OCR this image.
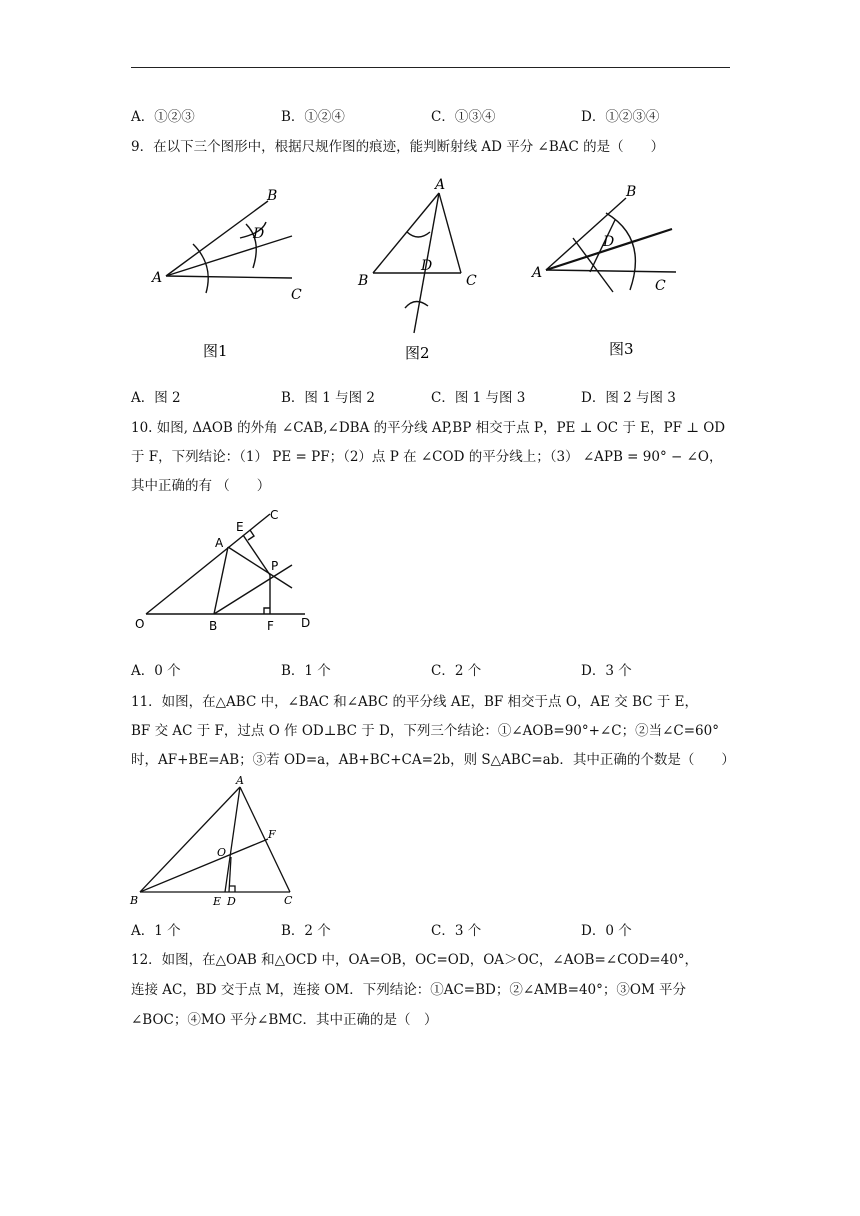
A．①②③	B．①②④	C．①③④	D．①②③④
9．在以下三个图形中，根据尺规作图的痕迹，能判断射线 AD 平分 ∠BAC 的是（　　）
A
B
C
D
图1
A
B	C
D
图2
A
B
C
D
图3
A．图 2	B．图 1 与图 2	C．图 1 与图 3	D．图 2 与图 3
10. 如图, ΔAOB 的外角 ∠CAB,∠DBA 的平分线 AP,BP 相交于点 P，PE ⊥ OC 于 E，PF ⊥ OD
于 F，下列结论：（1） PE = PF；（2）点 P 在 ∠COD 的平分线上；（3） ∠APB = 90° − ∠O，
其中正确的有 （　　）
O
A
B
C
D
E
F
P
A．0 个	B．1 个	C．2 个	D．3 个
11．如图，在△ABC 中，∠BAC 和∠ABC 的平分线 AE，BF 相交于点 O，AE 交 BC 于 E，
BF 交 AC 于 F，过点 O 作 OD⊥BC 于 D，下列三个结论：①∠AOB=90°+∠C；②当∠C=60°
时，AF+BE=AB；③若 OD=a，AB+BC+CA=2b，则 S△ABC=ab．其中正确的个数是（　　）
A
B	C
D
E
F
O
A．1 个	B．2 个	C．3 个	D．0 个
12．如图，在△OAB 和△OCD 中，OA=OB，OC=OD，OA＞OC，∠AOB=∠COD=40°，
连接 AC，BD 交于点 M，连接 OM．下列结论：①AC=BD；②∠AMB=40°；③OM 平分
∠BOC；④MO 平分∠BMC．其中正确的是（　）
